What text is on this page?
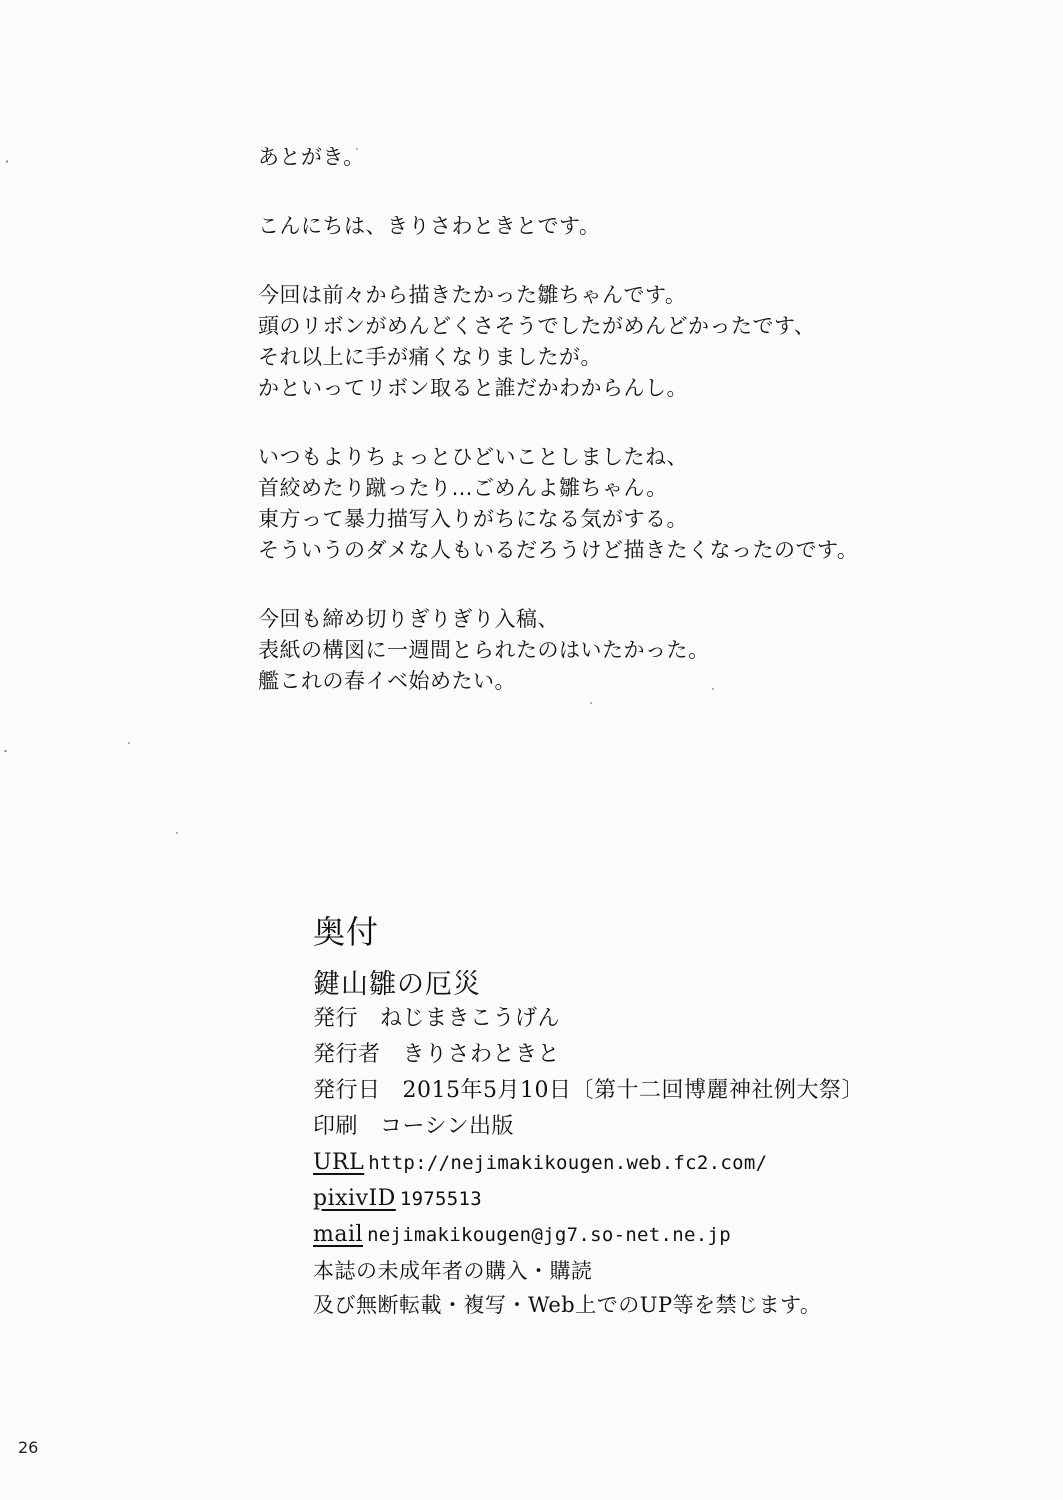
あとがき。
こんにちは、きりさわときとです。
今回は前々から描きたかった雛ちゃんです。
頭のリボンがめんどくさそうでしたがめんどかったです、
それ以上に手が痛くなりましたが。
かといってリボン取ると誰だかわからんし。
いつもよりちょっとひどいことしましたね、
首絞めたり蹴ったり…ごめんよ雛ちゃん。
東方って暴力描写入りがちになる気がする。
そういうのダメな人もいるだろうけど描きたくなったのです。
今回も締め切りぎりぎり入稿、
表紙の構図に一週間とられたのはいたかった。
艦これの春イベ始めたい。
奥付
鍵山雛の厄災
発行 ねじまきこうげん
発行者 きりさわときと
発行日 2015年5月10日〔第十二回博麗神社例大祭〕
印刷 コーシン出版
URL http://nejimakikougen.web.fc2.com/
pixivID 1975513
mail nejimakikougen@jg7.so-net.ne.jp
本誌の未成年者の購入・購読
及び無断転載・複写・Web上でのUP等を禁じます。
26
